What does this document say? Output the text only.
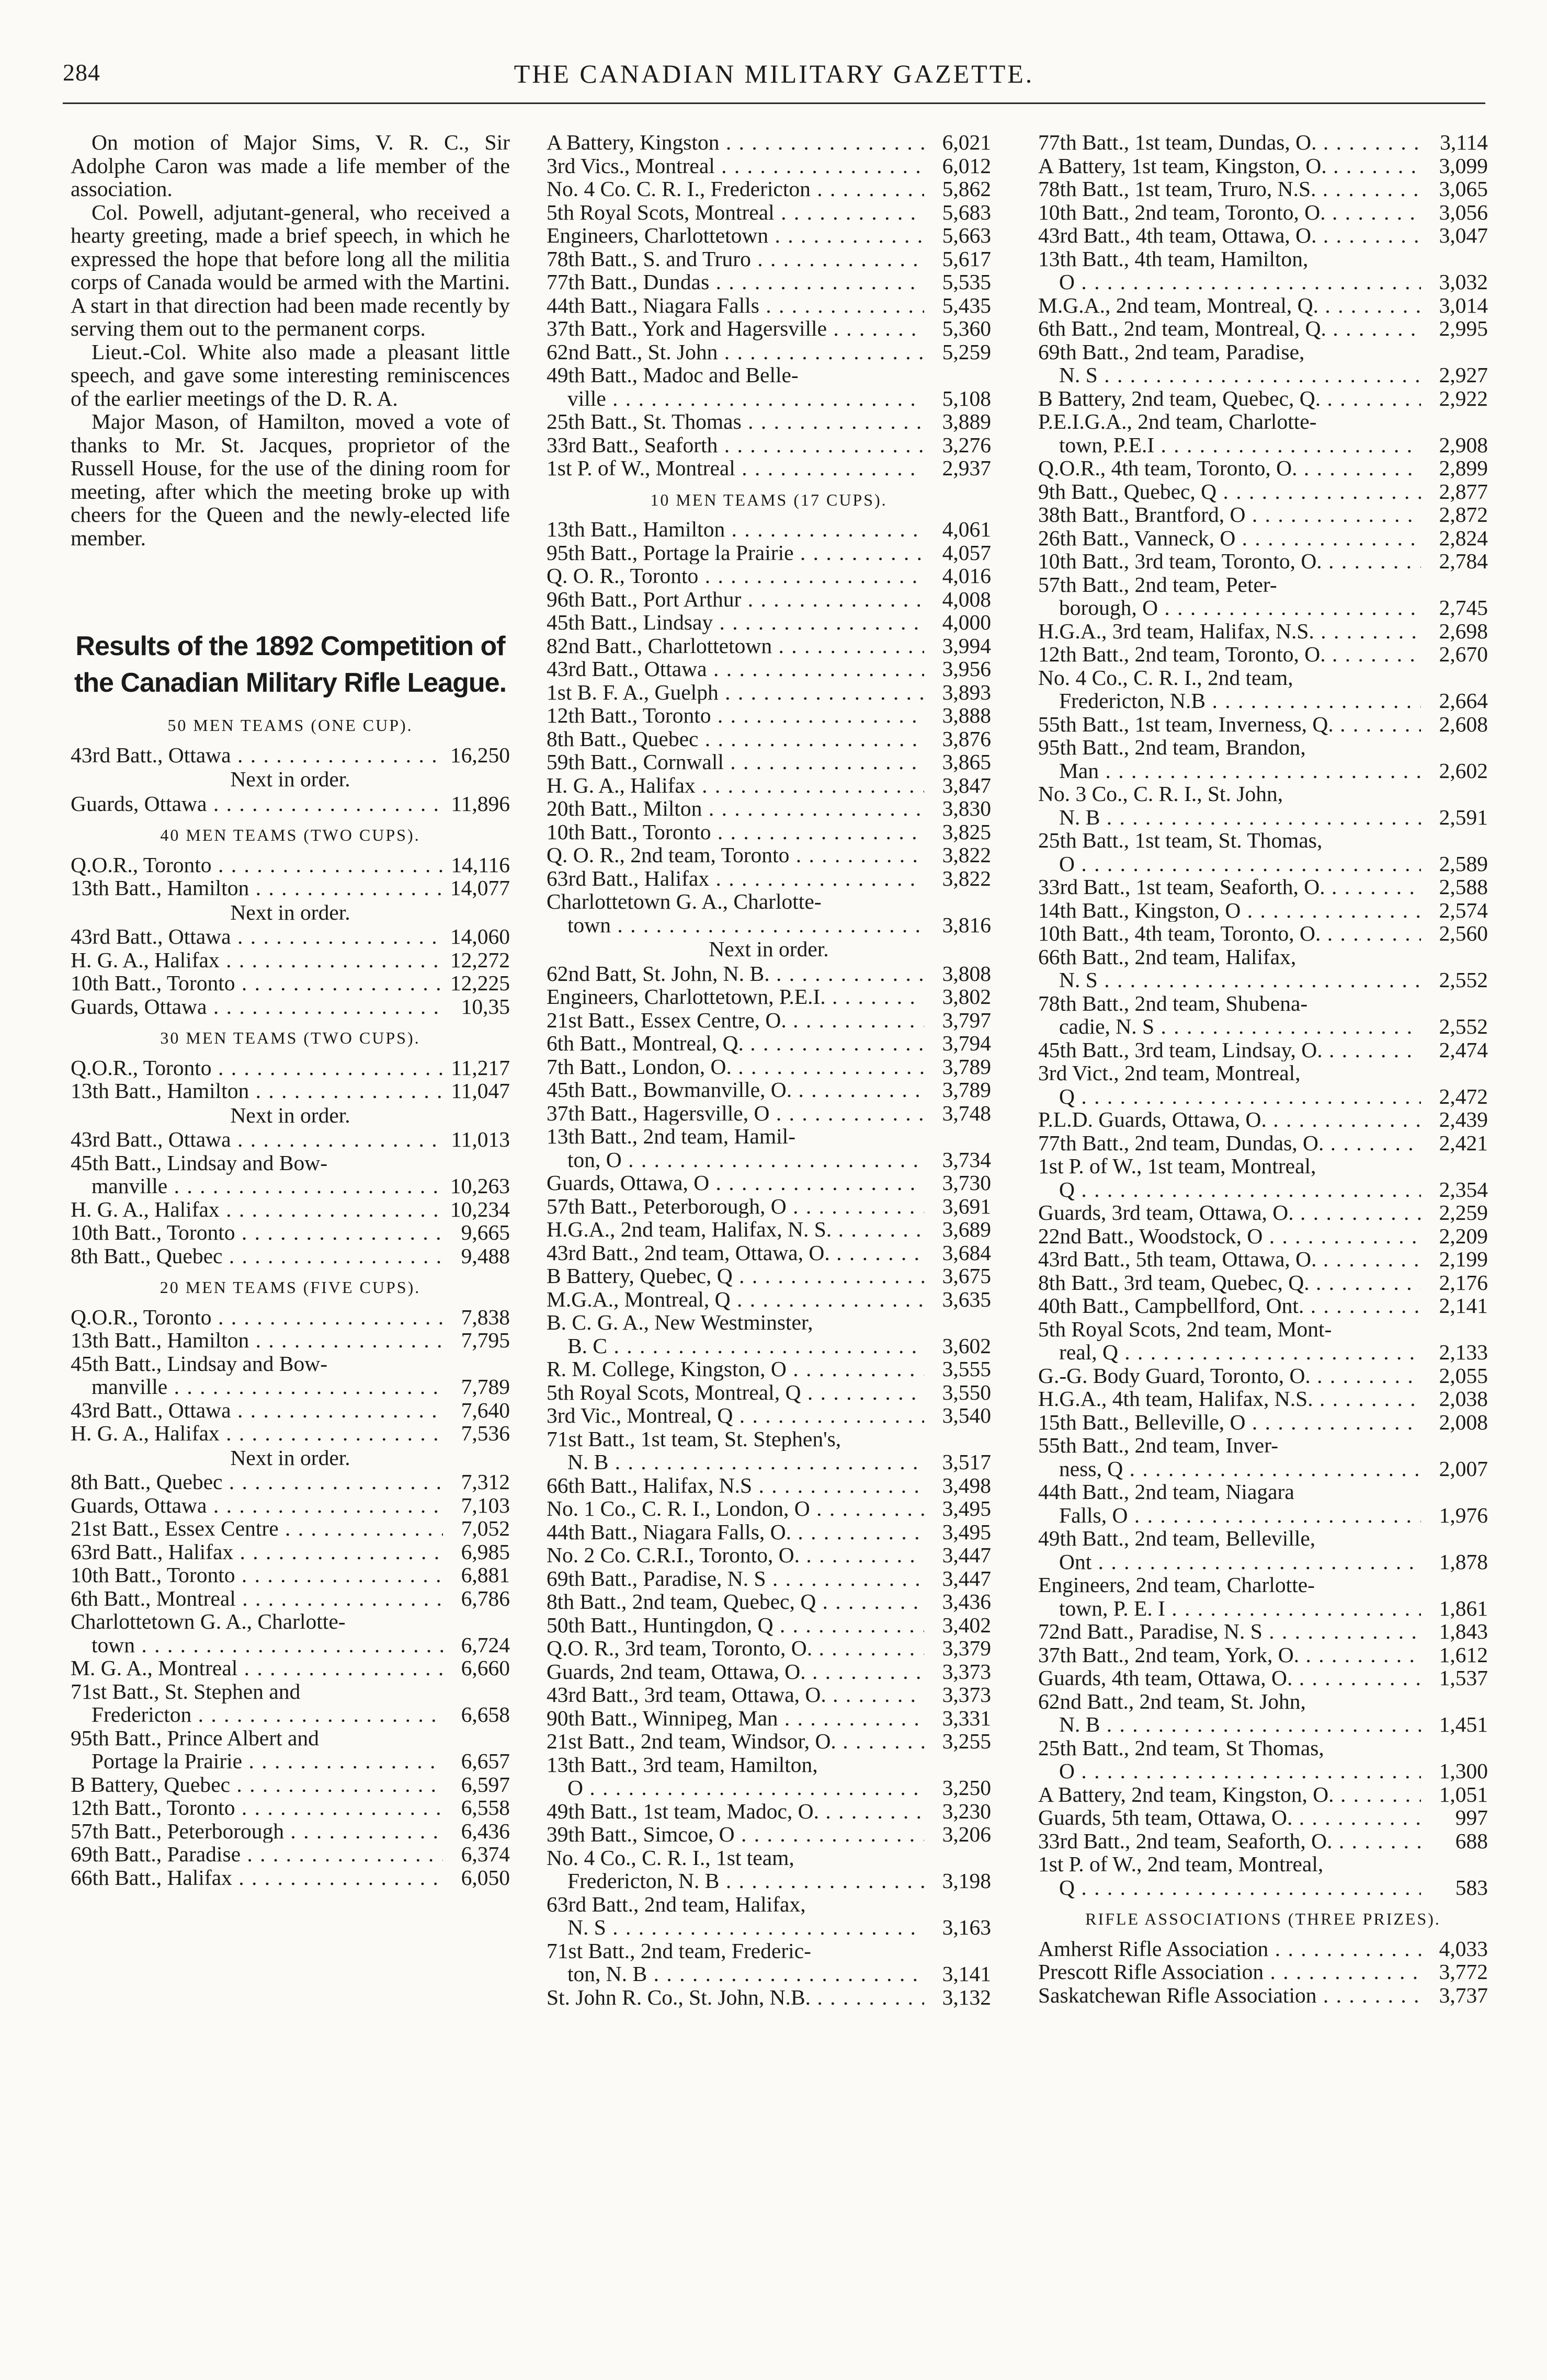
284	THE CANADIAN MILITARY GAZETTE.

On motion of Major Sims, V. R. C., Sir Adolphe Caron was made a life member of the association.

Col. Powell, adjutant-general, who received a hearty greeting, made a brief speech, in which he expressed the hope that before long all the militia corps of Canada would be armed with the Martini. A start in that direction had been made recently by serving them out to the permanent corps.

Lieut.-Col. White also made a pleasant little speech, and gave some interesting reminiscences of the earlier meetings of the D. R. A.

Major Mason, of Hamilton, moved a vote of thanks to Mr. St. Jacques, proprietor of the Russell House, for the use of the dining room for meeting, after which the meeting broke up with cheers for the Queen and the newly-elected life member.

Results of the 1892 Competition of the Canadian Military Rifle League.
50 MEN TEAMS (ONE CUP).
43rd Batt., Ottawa . . .	16,250
Next in order.
Guards, Ottawa . . .	11,896
40 MEN TEAMS (TWO CUPS).
Q.O.R., Toronto . . .	14,116
13th Batt., Hamilton . . .	14,077
Next in order.
43rd Batt., Ottawa . . .	14,060
H. G. A., Halifax . . .	12,272
10th Batt., Toronto . . .	12,225
Guards, Ottawa . . .	10,35
30 MEN TEAMS (TWO CUPS).
Q.O.R., Toronto . . .	11,217
13th Batt., Hamilton . . .	11,047
Next in order.
43rd Batt., Ottawa . . .	11,013
45th Batt., Lindsay and Bow-
manville . . .	10,263
H. G. A., Halifax . . .	10,234
10th Batt., Toronto . . .	9,665
8th Batt., Quebec . . .	9,488
20 MEN TEAMS (FIVE CUPS).
Q.O.R., Toronto . . .	7,838
13th Batt., Hamilton . . .	7,795
45th Batt., Lindsay and Bow-
manville . . .	7,789
43rd Batt., Ottawa . . .	7,640
H. G. A., Halifax . . .	7,536
Next in order.
8th Batt., Quebec . . .	7,312
Guards, Ottawa . . .	7,103
21st Batt., Essex Centre . . .	7,052
63rd Batt., Halifax . . .	6,985
10th Batt., Toronto . . .	6,881
6th Batt., Montreal . . .	6,786
Charlottetown G. A., Charlotte-
town . . .	6,724
M. G. A., Montreal . . .	6,660
71st Batt., St. Stephen and
Fredericton . . .	6,658
95th Batt., Prince Albert and
Portage la Prairie . . .	6,657
B Battery, Quebec . . .	6,597
12th Batt., Toronto . . .	6,558
57th Batt., Peterborough . . .	6,436
69th Batt., Paradise . . .	6,374
66th Batt., Halifax . . .	6,050
A Battery, Kingston . . .	6,021
3rd Vics., Montreal . . .	6,012
No. 4 Co. C. R. I., Fredericton . . .	5,862
5th Royal Scots, Montreal . . .	5,683
Engineers, Charlottetown . . .	5,663
78th Batt., S. and Truro . . .	5,617
77th Batt., Dundas . . .	5,535
44th Batt., Niagara Falls . . .	5,435
37th Batt., York and Hagersville . . .	5,360
62nd Batt., St. John . . .	5,259
49th Batt., Madoc and Belle-
ville . . .	5,108
25th Batt., St. Thomas . . .	3,889
33rd Batt., Seaforth . . .	3,276
1st P. of W., Montreal . . .	2,937
10 MEN TEAMS (17 CUPS).
13th Batt., Hamilton . . .	4,061
95th Batt., Portage la Prairie . . .	4,057
Q. O. R., Toronto . . .	4,016
96th Batt., Port Arthur . . .	4,008
45th Batt., Lindsay . . .	4,000
82nd Batt., Charlottetown . . .	3,994
43rd Batt., Ottawa . . .	3,956
1st B. F. A., Guelph . . .	3,893
12th Batt., Toronto . . .	3,888
8th Batt., Quebec . . .	3,876
59th Batt., Cornwall . . .	3,865
H. G. A., Halifax . . .	3,847
20th Batt., Milton . . .	3,830
10th Batt., Toronto . . .	3,825
Q. O. R., 2nd team, Toronto . . .	3,822
63rd Batt., Halifax . . .	3,822
Charlottetown G. A., Charlotte-
town . . .	3,816
Next in order.
62nd Batt, St. John, N. B. . . .	3,808
Engineers, Charlottetown, P.E.I. . . .	3,802
21st Batt., Essex Centre, O. . . .	3,797
6th Batt., Montreal, Q. . . .	3,794
7th Batt., London, O. . . .	3,789
45th Batt., Bowmanville, O. . . .	3,789
37th Batt., Hagersville, O . . .	3,748
13th Batt., 2nd team, Hamil-
ton, O . . .	3,734
Guards, Ottawa, O . . .	3,730
57th Batt., Peterborough, O . . .	3,691
H.G.A., 2nd team, Halifax, N. S. . . .	3,689
43rd Batt., 2nd team, Ottawa, O. . . .	3,684
B Battery, Quebec, Q . . .	3,675
M.G.A., Montreal, Q . . .	3,635
B. C. G. A., New Westminster,
B. C . . .	3,602
R. M. College, Kingston, O . . .	3,555
5th Royal Scots, Montreal, Q . . .	3,550
3rd Vic., Montreal, Q . . .	3,540
71st Batt., 1st team, St. Stephen's,
N. B . . .	3,517
66th Batt., Halifax, N.S . . .	3,498
No. 1 Co., C. R. I., London, O . . .	3,495
44th Batt., Niagara Falls, O. . . .	3,495
No. 2 Co. C.R.I., Toronto, O. . . .	3,447
69th Batt., Paradise, N. S . . .	3,447
8th Batt., 2nd team, Quebec, Q . . .	3,436
50th Batt., Huntingdon, Q . . .	3,402
Q.O. R., 3rd team, Toronto, O. . . .	3,379
Guards, 2nd team, Ottawa, O. . . .	3,373
43rd Batt., 3rd team, Ottawa, O. . . .	3,373
90th Batt., Winnipeg, Man . . .	3,331
21st Batt., 2nd team, Windsor, O. . . .	3,255
13th Batt., 3rd team, Hamilton,
O . . .	3,250
49th Batt., 1st team, Madoc, O. . . .	3,230
39th Batt., Simcoe, O . . .	3,206
No. 4 Co., C. R. I., 1st team,
Fredericton, N. B . . .	3,198
63rd Batt., 2nd team, Halifax,
N. S . . .	3,163
71st Batt., 2nd team, Frederic-
ton, N. B . . .	3,141
St. John R. Co., St. John, N.B. . . .	3,132
77th Batt., 1st team, Dundas, O. . . .	3,114
A Battery, 1st team, Kingston, O. . . .	3,099
78th Batt., 1st team, Truro, N.S. . . .	3,065
10th Batt., 2nd team, Toronto, O. . . .	3,056
43rd Batt., 4th team, Ottawa, O. . . .	3,047
13th Batt., 4th team, Hamilton,
O . . .	3,032
M.G.A., 2nd team, Montreal, Q. . . .	3,014
6th Batt., 2nd team, Montreal, Q. . . .	2,995
69th Batt., 2nd team, Paradise,
N. S . . .	2,927
B Battery, 2nd team, Quebec, Q. . . .	2,922
P.E.I.G.A., 2nd team, Charlotte-
town, P.E.I . . .	2,908
Q.O.R., 4th team, Toronto, O. . . .	2,899
9th Batt., Quebec, Q . . .	2,877
38th Batt., Brantford, O . . .	2,872
26th Batt., Vanneck, O . . .	2,824
10th Batt., 3rd team, Toronto, O. . . .	2,784
57th Batt., 2nd team, Peter-
borough, O . . .	2,745
H.G.A., 3rd team, Halifax, N.S. . . .	2,698
12th Batt., 2nd team, Toronto, O. . . .	2,670
No. 4 Co., C. R. I., 2nd team,
Fredericton, N.B . . .	2,664
55th Batt., 1st team, Inverness, Q. . . .	2,608
95th Batt., 2nd team, Brandon,
Man . . .	2,602
No. 3 Co., C. R. I., St. John,
N. B . . .	2,591
25th Batt., 1st team, St. Thomas,
O . . .	2,589
33rd Batt., 1st team, Seaforth, O. . . .	2,588
14th Batt., Kingston, O . . .	2,574
10th Batt., 4th team, Toronto, O. . . .	2,560
66th Batt., 2nd team, Halifax,
N. S . . .	2,552
78th Batt., 2nd team, Shubena-
cadie, N. S . . .	2,552
45th Batt., 3rd team, Lindsay, O. . . .	2,474
3rd Vict., 2nd team, Montreal,
Q . . .	2,472
P.L.D. Guards, Ottawa, O. . . .	2,439
77th Batt., 2nd team, Dundas, O. . . .	2,421
1st P. of W., 1st team, Montreal,
Q . . .	2,354
Guards, 3rd team, Ottawa, O. . . .	2,259
22nd Batt., Woodstock, O . . .	2,209
43rd Batt., 5th team, Ottawa, O. . . .	2,199
8th Batt., 3rd team, Quebec, Q. . . .	2,176
40th Batt., Campbellford, Ont. . . .	2,141
5th Royal Scots, 2nd team, Mont-
real, Q . . .	2,133
G.-G. Body Guard, Toronto, O. . . .	2,055
H.G.A., 4th team, Halifax, N.S. . . .	2,038
15th Batt., Belleville, O . . .	2,008
55th Batt., 2nd team, Inver-
ness, Q . . .	2,007
44th Batt., 2nd team, Niagara
Falls, O . . .	1,976
49th Batt., 2nd team, Belleville,
Ont . . .	1,878
Engineers, 2nd team, Charlotte-
town, P. E. I . . .	1,861
72nd Batt., Paradise, N. S . . .	1,843
37th Batt., 2nd team, York, O. . . .	1,612
Guards, 4th team, Ottawa, O. . . .	1,537
62nd Batt., 2nd team, St. John,
N. B . . .	1,451
25th Batt., 2nd team, St Thomas,
O . . .	1,300
A Battery, 2nd team, Kingston, O. . . .	1,051
Guards, 5th team, Ottawa, O. . . .	997
33rd Batt., 2nd team, Seaforth, O. . . .	688
1st P. of W., 2nd team, Montreal,
Q . . .	583
RIFLE ASSOCIATIONS (THREE PRIZES).
Amherst Rifle Association . . .	4,033
Prescott Rifle Association . . .	3,772
Saskatchewan Rifle Association . . .	3,737
